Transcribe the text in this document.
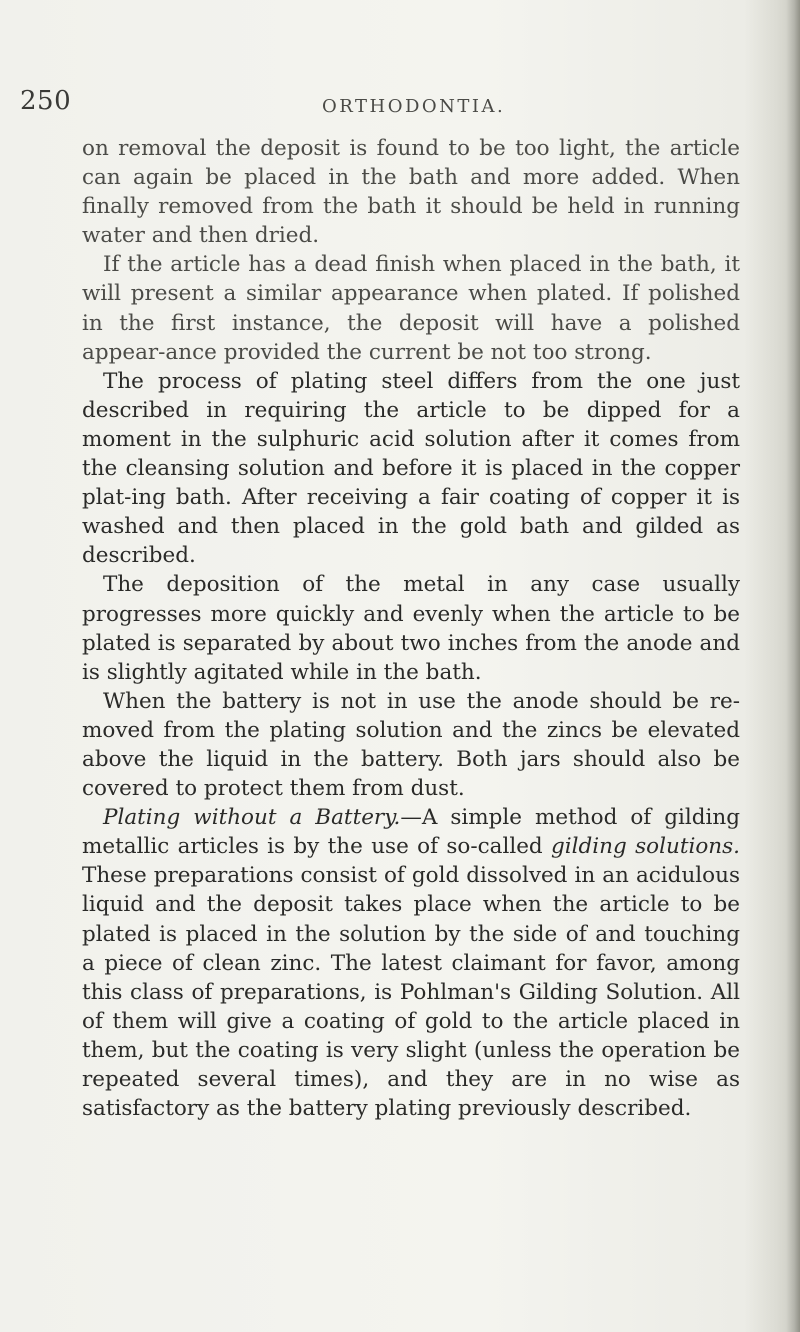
250	ORTHODONTIA.

on removal the deposit is found to be too light, the article can again be placed in the bath and more added. When finally removed from the bath it should be held in running water and then dried.

If the article has a dead finish when placed in the bath, it will present a similar appearance when plated. If polished in the first instance, the deposit will have a polished appear-ance provided the current be not too strong.

The process of plating steel differs from the one just described in requiring the article to be dipped for a moment in the sulphuric acid solution after it comes from the cleansing solution and before it is placed in the copper plat-ing bath. After receiving a fair coating of copper it is washed and then placed in the gold bath and gilded as described.

The deposition of the metal in any case usually progresses more quickly and evenly when the article to be plated is separated by about two inches from the anode and is slightly agitated while in the bath.

When the battery is not in use the anode should be re-moved from the plating solution and the zincs be elevated above the liquid in the battery. Both jars should also be covered to protect them from dust.

Plating without a Battery.—A simple method of gilding metallic articles is by the use of so-called gilding solutions. These preparations consist of gold dissolved in an acidulous liquid and the deposit takes place when the article to be plated is placed in the solution by the side of and touching a piece of clean zinc. The latest claimant for favor, among this class of preparations, is Pohlman's Gilding Solution. All of them will give a coating of gold to the article placed in them, but the coating is very slight (unless the operation be repeated several times), and they are in no wise as satisfactory as the battery plating previously described.
